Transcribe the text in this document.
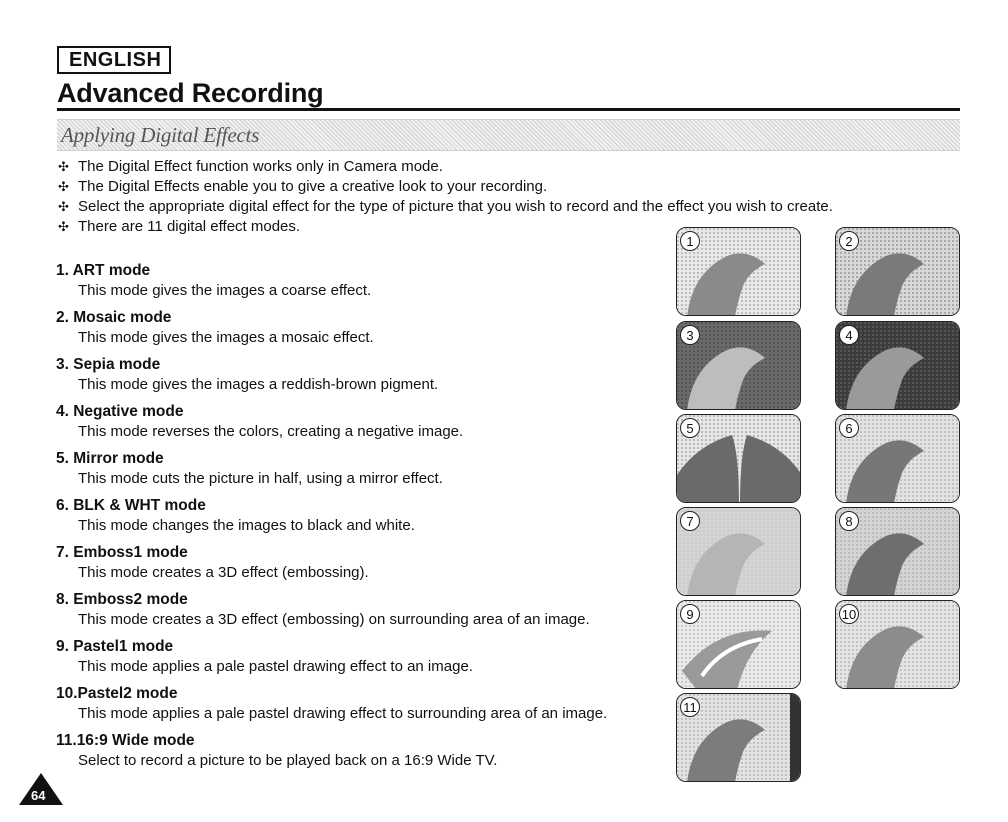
ENGLISH
Advanced Recording
Applying Digital Effects
✣ The Digital Effect function works only in Camera mode.
✣ The Digital Effects enable you to give a creative look to your recording.
✣ Select the appropriate digital effect for the type of picture that you wish to record and the effect you wish to create.
✣ There are 11 digital effect modes.
1. ART mode
This mode gives the images a coarse effect.
2. Mosaic mode
This mode gives the images a mosaic effect.
3. Sepia mode
This mode gives the images a reddish-brown pigment.
4. Negative mode
This mode reverses the colors, creating a negative image.
5. Mirror mode
This mode cuts the picture in half, using a mirror effect.
6. BLK & WHT mode
This mode changes the images to black and white.
7. Emboss1 mode
This mode creates a 3D effect (embossing).
8. Emboss2 mode
This mode creates a 3D effect (embossing) on surrounding area of an image.
9. Pastel1 mode
This mode applies a pale pastel drawing effect to an image.
10.Pastel2 mode
This mode applies a pale pastel drawing effect to surrounding area of an image.
11.16:9 Wide mode
Select to record a picture to be played back on a 16:9 Wide TV.
1	2
3	4
5	6
7	8
9	10
11
64
